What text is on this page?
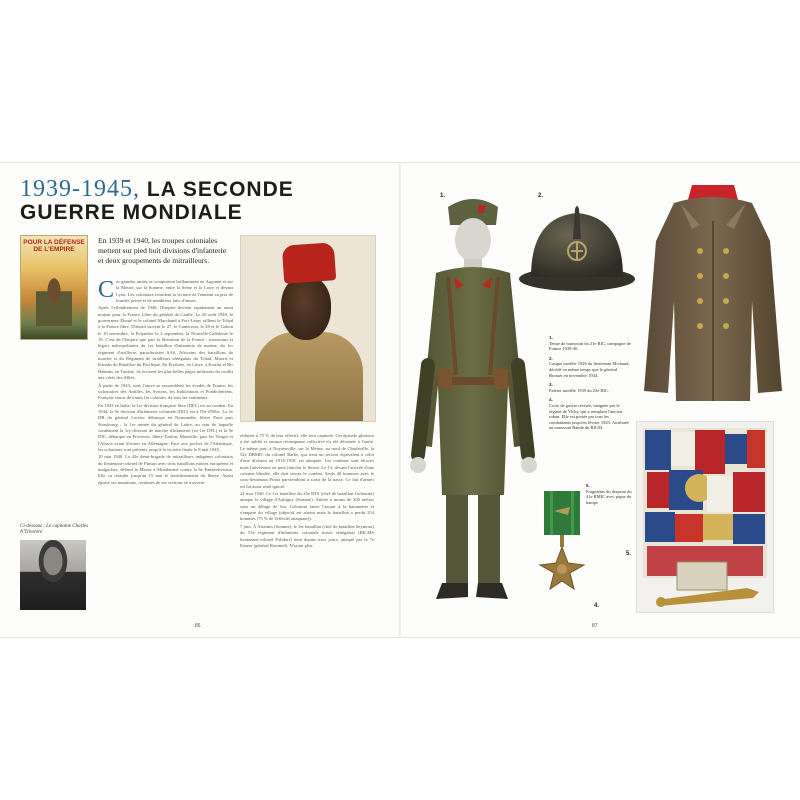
1939-1945, LA SECONDE GUERRE MONDIALE
POUR LA DÉFENSE DE L'EMPIRE
En 1939 et 1940, les troupes coloniales mettent sur pied huit divisions d'infanterie et deux groupements de mitrailleurs.

Ces grandes unités se comportent brillamment en Argonne et sur la Meuse, sur la Somme, entre la Seine et la Loire et devant Lyon. Les coloniaux retardent la victoire de l'ennemi au prix de lourdes pertes et de nombreux faits d'armes.

Après l'effondrement de 1940, l'Empire devient rapidement un atout majeur pour la France Libre du général de Gaulle. Le 26 août 1940, le gouverneur Éboué et le colonel Marchand à Fort-Lamy rallient le Tchad à la France libre. D'abord suivent le 27, le Cameroun, le 28 et le Gabon le 10 novembre, la Polynésie le 2 septembre, la Nouvelle-Calédonie le 19. C'est de l'Empire que part la libération de la France : marsouins et bigors métropolitains du 1er bataillon d'infanterie de marine, du 1er régiment d'artillerie, parachutistes SAS, Africains des bataillons de marche et du Régiment de tirailleurs sénégalais du Tchad, Maoris et Kanaks du Bataillon du Pacifique. En Érythrée, en Libye, à Koufra et Bir Hakeim, en Tunisie, ils écrivent les plus belles pages militaires du conflit aux côtés des Alliés.

À partir de 1943, sous l'ancre se rassemblent les évadés de France, les volontaires des Antilles, les Syriens, les Indochinois et Pondichériens, Français venus de toutes les colonies, de tous les continents.

En 1943 en Italie, la 1re division française libre (DFL) est au combat. En 1944, la 9e division d'infanterie coloniale (DIC) est à l'île d'Elbe. La 2e DB du général Leclerc débarque en Normandie, libère Paris puis Strasbourg ; la 1re armée du général de Lattre, au sein de laquelle combattent la 1re division de marche d'infanterie (ex-1re DFL) et la 9e DIC, débarque en Provence, libère Toulon, Marseille, puis les Vosges et l'Alsace avant d'entrer en Allemagne. Face aux poches de l'Atlantique, les coloniaux sont présents jusqu'à la victoire finale le 8 mai 1945.

10 mai 1940. La 42e demi-brigade de mitrailleurs indigènes coloniaux du lieutenant-colonel de Pinsun avec trois bataillons mixtes européens et malgaches, défend la Meuse à Monthermé contre la 6e Panzerdivision. Elle va retarder jusqu'au 15 mai le franchissement du fleuve. Ayant épuisé ses munitions, certaines de ses sections se trouvent

Ci-dessous : Le capitaine Charles N'Tchoréré

réduites à 75 % de leur effectif, elle sera capturée. Cet épisode glorieux a été oublié et aucune récompense collective n'a été décernée à l'unité. Le même jour, à Noyonsville, sur la Meuse, au nord de Charleville, la 52e DBMIC du colonel Barbe, qui tient un secteur équivalent à celui d'une division en 1914-1918, est attaquée. Les combats sont féroces mais l'adversaire ne peut franchir le fleuve. Le 13, devant l'arrivée d'une colonne blindée, elle doit cesser le combat. Seuls 40 hommes avec le sous-lieutenant Proux parviendront à sortir de la nasse. Ce fait d'armes est lui aussi resté ignoré.

24 mai 1940. Le 1er bataillon du 24e RTS (chef de bataillon Golomini) attaque le village d'Aubigny (Somme). Attirée à moins de 300 mètres sous un déluge de feu, Golomini lance l'assaut à la baïonnette et s'empare du village (objectif est atteint mais le bataillon a perdu 254 hommes (75 % de l'effectif attaquant)).

7 juin. À Airaines (Somme), le 1er bataillon (chef de bataillon Seymour) du 53e régiment d'infanterie coloniale mixte sénégalais (RICMS lieutenant-colonel Polidori) tient depuis trois jours, attaqué par la 7e Panzer (général Rommel). N'ayant plus

86
1.	2.
4.
5.
1.
Tenue de marsouin du 21e RIC, campagne de France 1939-40.
2.
Casque modèle 1926 du lieutenant Michaud, décédé en même temps que le général Brosset en novembre 1944.
3.
Paletot modèle 1939 du 23e RIC.
4.
Croix de guerre révisée, insignée par le régime de Vichy, qui a remplacé l'ancien ruban. Elle est portée par tous les combattants jusqu'en février 1943. Attribuée au marsouin Bande du RICM.
5.
Fragments du drapeau du 41e RMIC avec pique de hampe.
87
